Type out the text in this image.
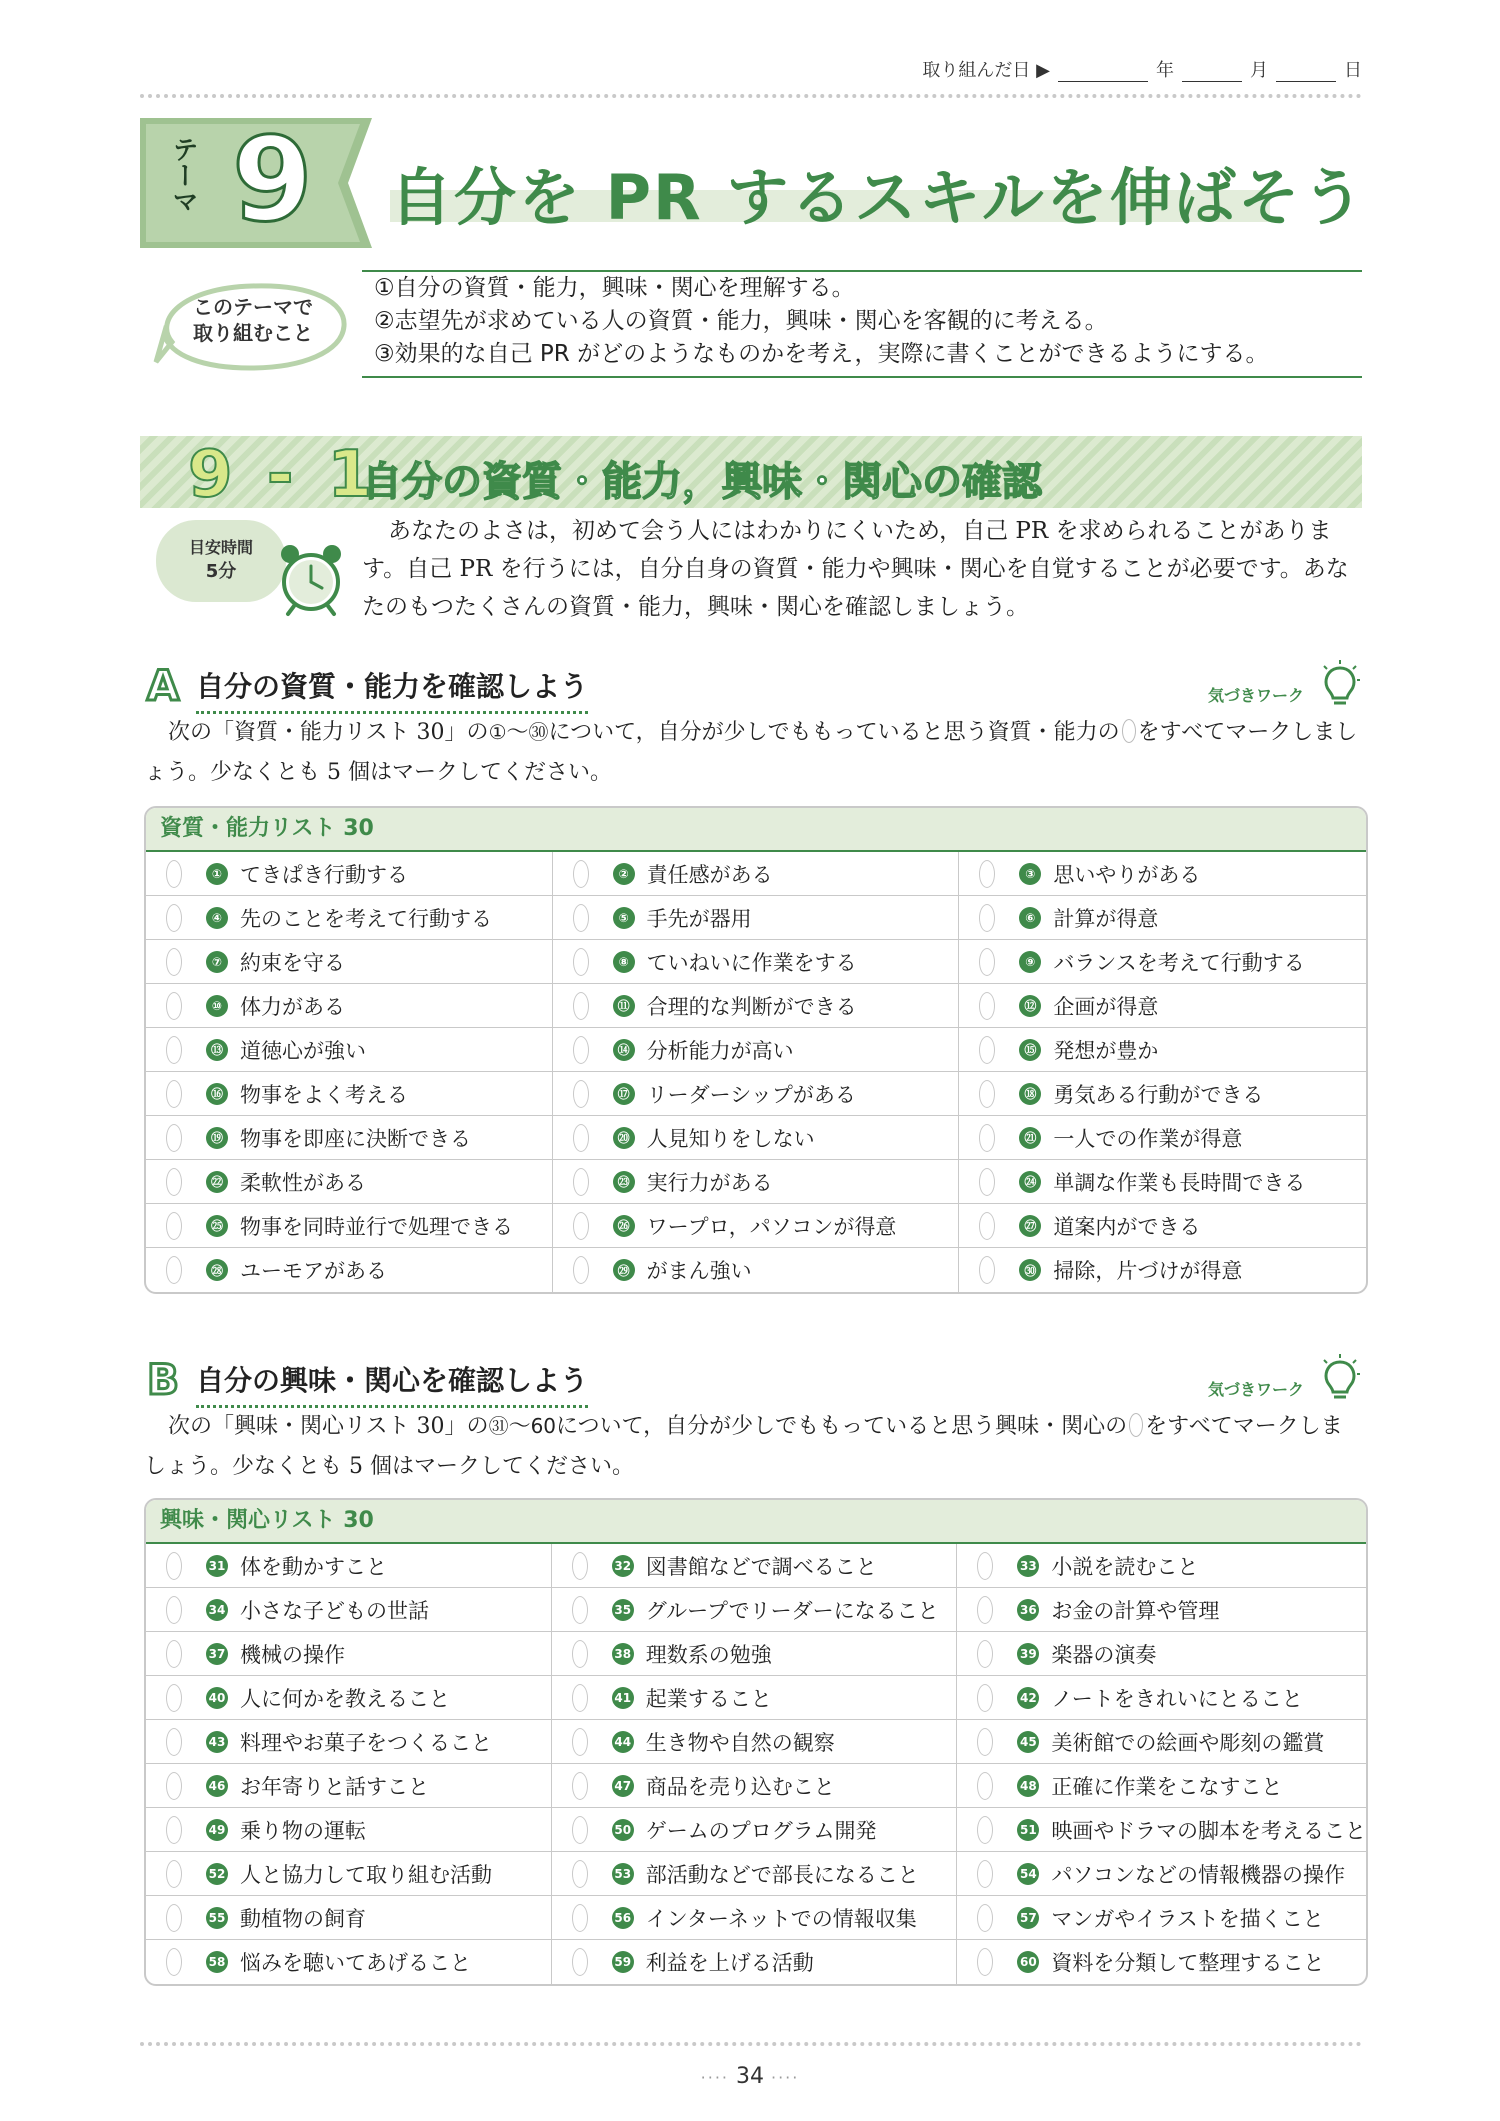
取り組んだ日 ▶	年	月	日
テーマ 9 自分を PR するスキルを伸ばそう
このテーマで
取り組むこと
①自分の資質・能力，興味・関心を理解する。
②志望先が求めている人の資質・能力，興味・関心を客観的に考える。
③効果的な自己 PR がどのようなものかを考え，実際に書くことができるようにする。
9 - 1
自分の資質・能力，興味・関心の確認
目安時間
5分
あなたのよさは，初めて会う人にはわかりにくいため，自己 PR を求められることがあります。自己 PR を行うには，自分自身の資質・能力や興味・関心を自覚することが必要です。あなたのもつたくさんの資質・能力，興味・関心を確認しましょう。
A 自分の資質・能力を確認しよう	気づきワーク
次の「資質・能力リスト 30」の①～㉚について，自分が少しでももっていると思う資質・能力の をすべてマークしましょう。少なくとも 5 個はマークしてください。
資質・能力リスト 30
① てきぱき行動する	② 責任感がある	③ 思いやりがある
④ 先のことを考えて行動する	⑤ 手先が器用	⑥ 計算が得意
⑦ 約束を守る	⑧ ていねいに作業をする	⑨ バランスを考えて行動する
⑩ 体力がある	⑪ 合理的な判断ができる	⑫ 企画が得意
⑬ 道徳心が強い	⑭ 分析能力が高い	⑮ 発想が豊か
⑯ 物事をよく考える	⑰ リーダーシップがある	⑱ 勇気ある行動ができる
⑲ 物事を即座に決断できる	⑳ 人見知りをしない	㉑ 一人での作業が得意
㉒ 柔軟性がある	㉓ 実行力がある	㉔ 単調な作業も長時間できる
㉕ 物事を同時並行で処理できる	㉖ ワープロ，パソコンが得意	㉗ 道案内ができる
㉘ ユーモアがある	㉙ がまん強い	㉚ 掃除，片づけが得意
B 自分の興味・関心を確認しよう	気づきワーク
次の「興味・関心リスト 30」の㉛～60について，自分が少しでももっていると思う興味・関心の をすべてマークしましょう。少なくとも 5 個はマークしてください。
興味・関心リスト 30
31 体を動かすこと	32 図書館などで調べること	33 小説を読むこと
34 小さな子どもの世話	35 グループでリーダーになること	36 お金の計算や管理
37 機械の操作	38 理数系の勉強	39 楽器の演奏
40 人に何かを教えること	41 起業すること	42 ノートをきれいにとること
43 料理やお菓子をつくること	44 生き物や自然の観察	45 美術館での絵画や彫刻の鑑賞
46 お年寄りと話すこと	47 商品を売り込むこと	48 正確に作業をこなすこと
49 乗り物の運転	50 ゲームのプログラム開発	51 映画やドラマの脚本を考えること
52 人と協力して取り組む活動	53 部活動などで部長になること	54 パソコンなどの情報機器の操作
55 動植物の飼育	56 インターネットでの情報収集	57 マンガやイラストを描くこと
58 悩みを聴いてあげること	59 利益を上げる活動	60 資料を分類して整理すること
···· 34 ····
